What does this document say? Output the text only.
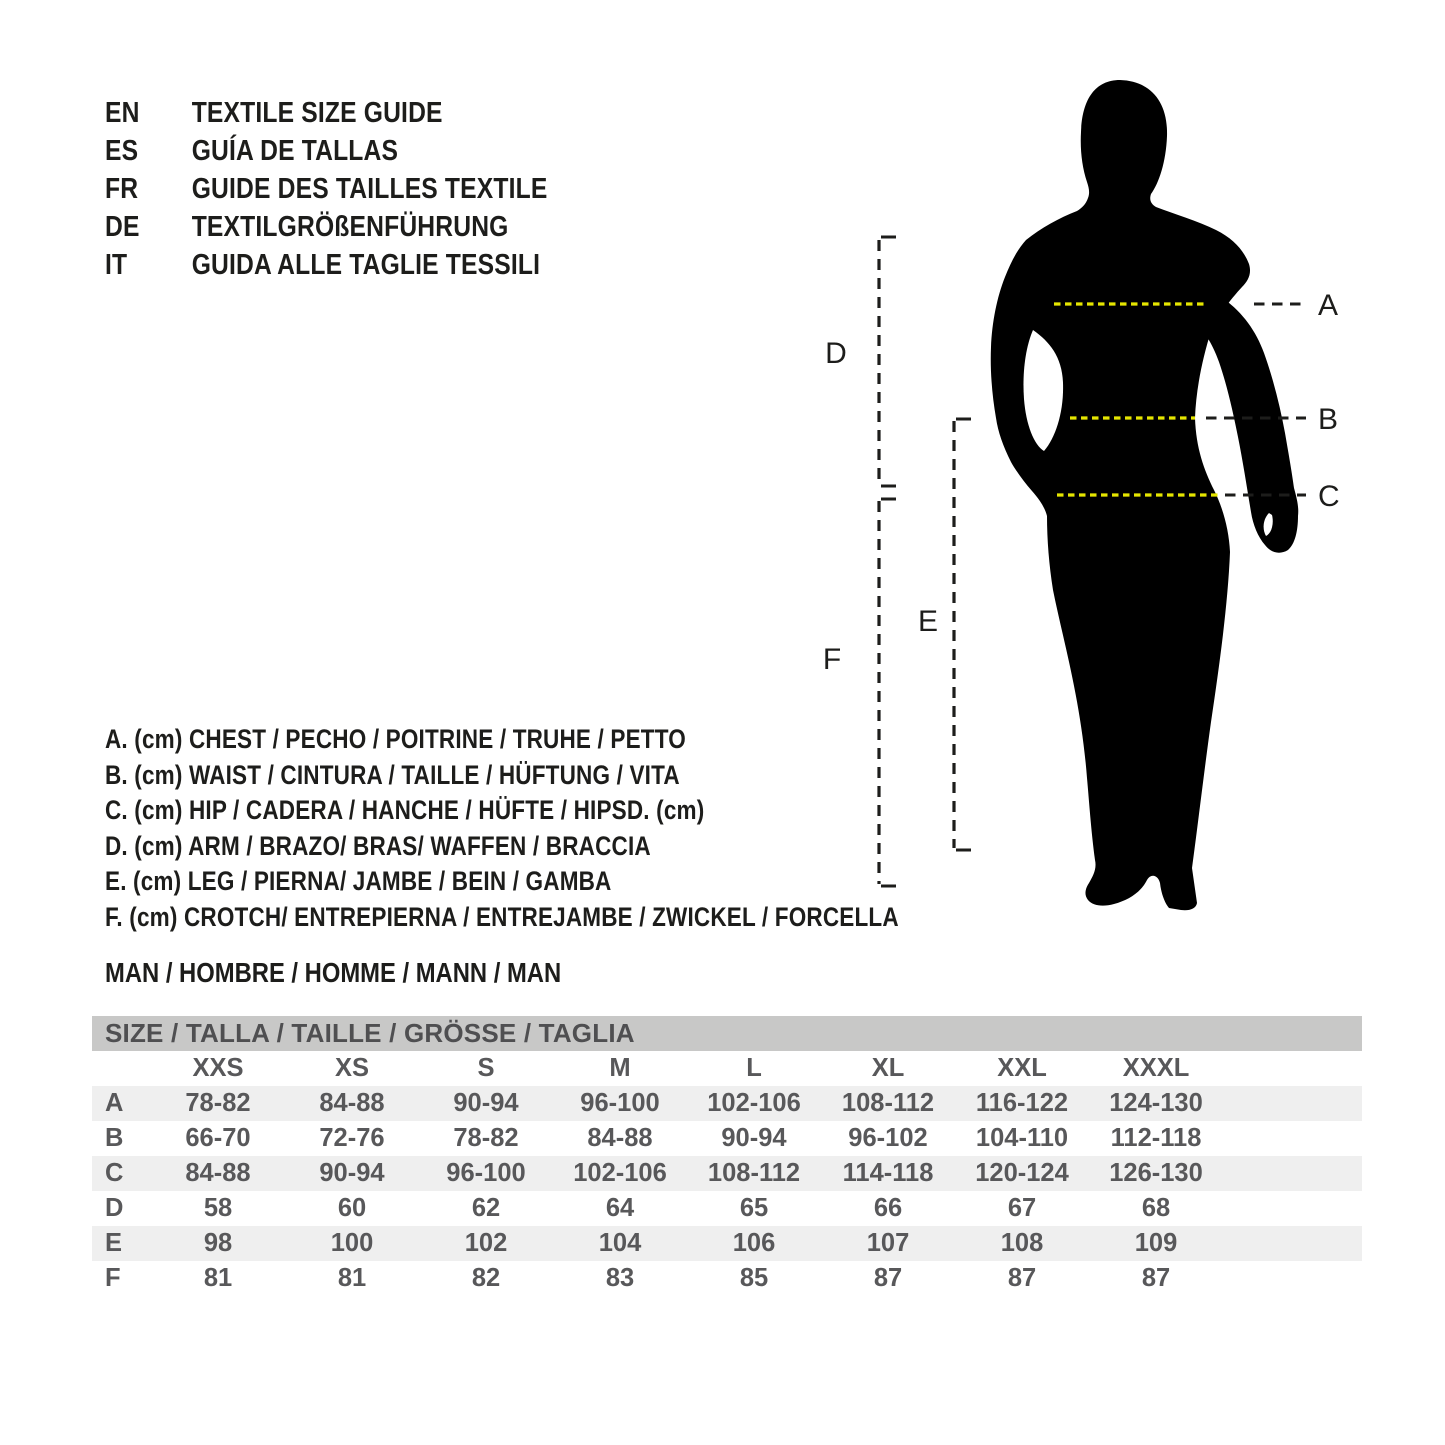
EN TEXTILE SIZE GUIDE
ES GUÍA DE TALLAS
FR GUIDE DES TAILLES TEXTILE
DE TEXTILGRÖßENFÜHRUNG
IT GUIDA ALLE TAGLIE TESSILI
A
B
C
D
F
E
A. (cm) CHEST / PECHO / POITRINE / TRUHE / PETTO
B. (cm) WAIST / CINTURA / TAILLE / HÜFTUNG / VITA
C. (cm) HIP / CADERA / HANCHE / HÜFTE / HIPSD. (cm)
D. (cm) ARM / BRAZO/ BRAS/ WAFFEN / BRACCIA
E. (cm) LEG / PIERNA/ JAMBE / BEIN / GAMBA
F. (cm) CROTCH/ ENTREPIERNA / ENTREJAMBE / ZWICKEL / FORCELLA
MAN / HOMBRE / HOMME / MANN / MAN
SIZE / TALLA / TAILLE / GRÖSSE / TAGLIA
	XXS	XS	S	M	L	XL	XXL	XXXL	
A	78-82	84-88	90-94	96-100	102-106	108-112	116-122	124-130	
B	66-70	72-76	78-82	84-88	90-94	96-102	104-110	112-118	
C	84-88	90-94	96-100	102-106	108-112	114-118	120-124	126-130	
D	58	60	62	64	65	66	67	68	
E	98	100	102	104	106	107	108	109	
F	81	81	82	83	85	87	87	87	
